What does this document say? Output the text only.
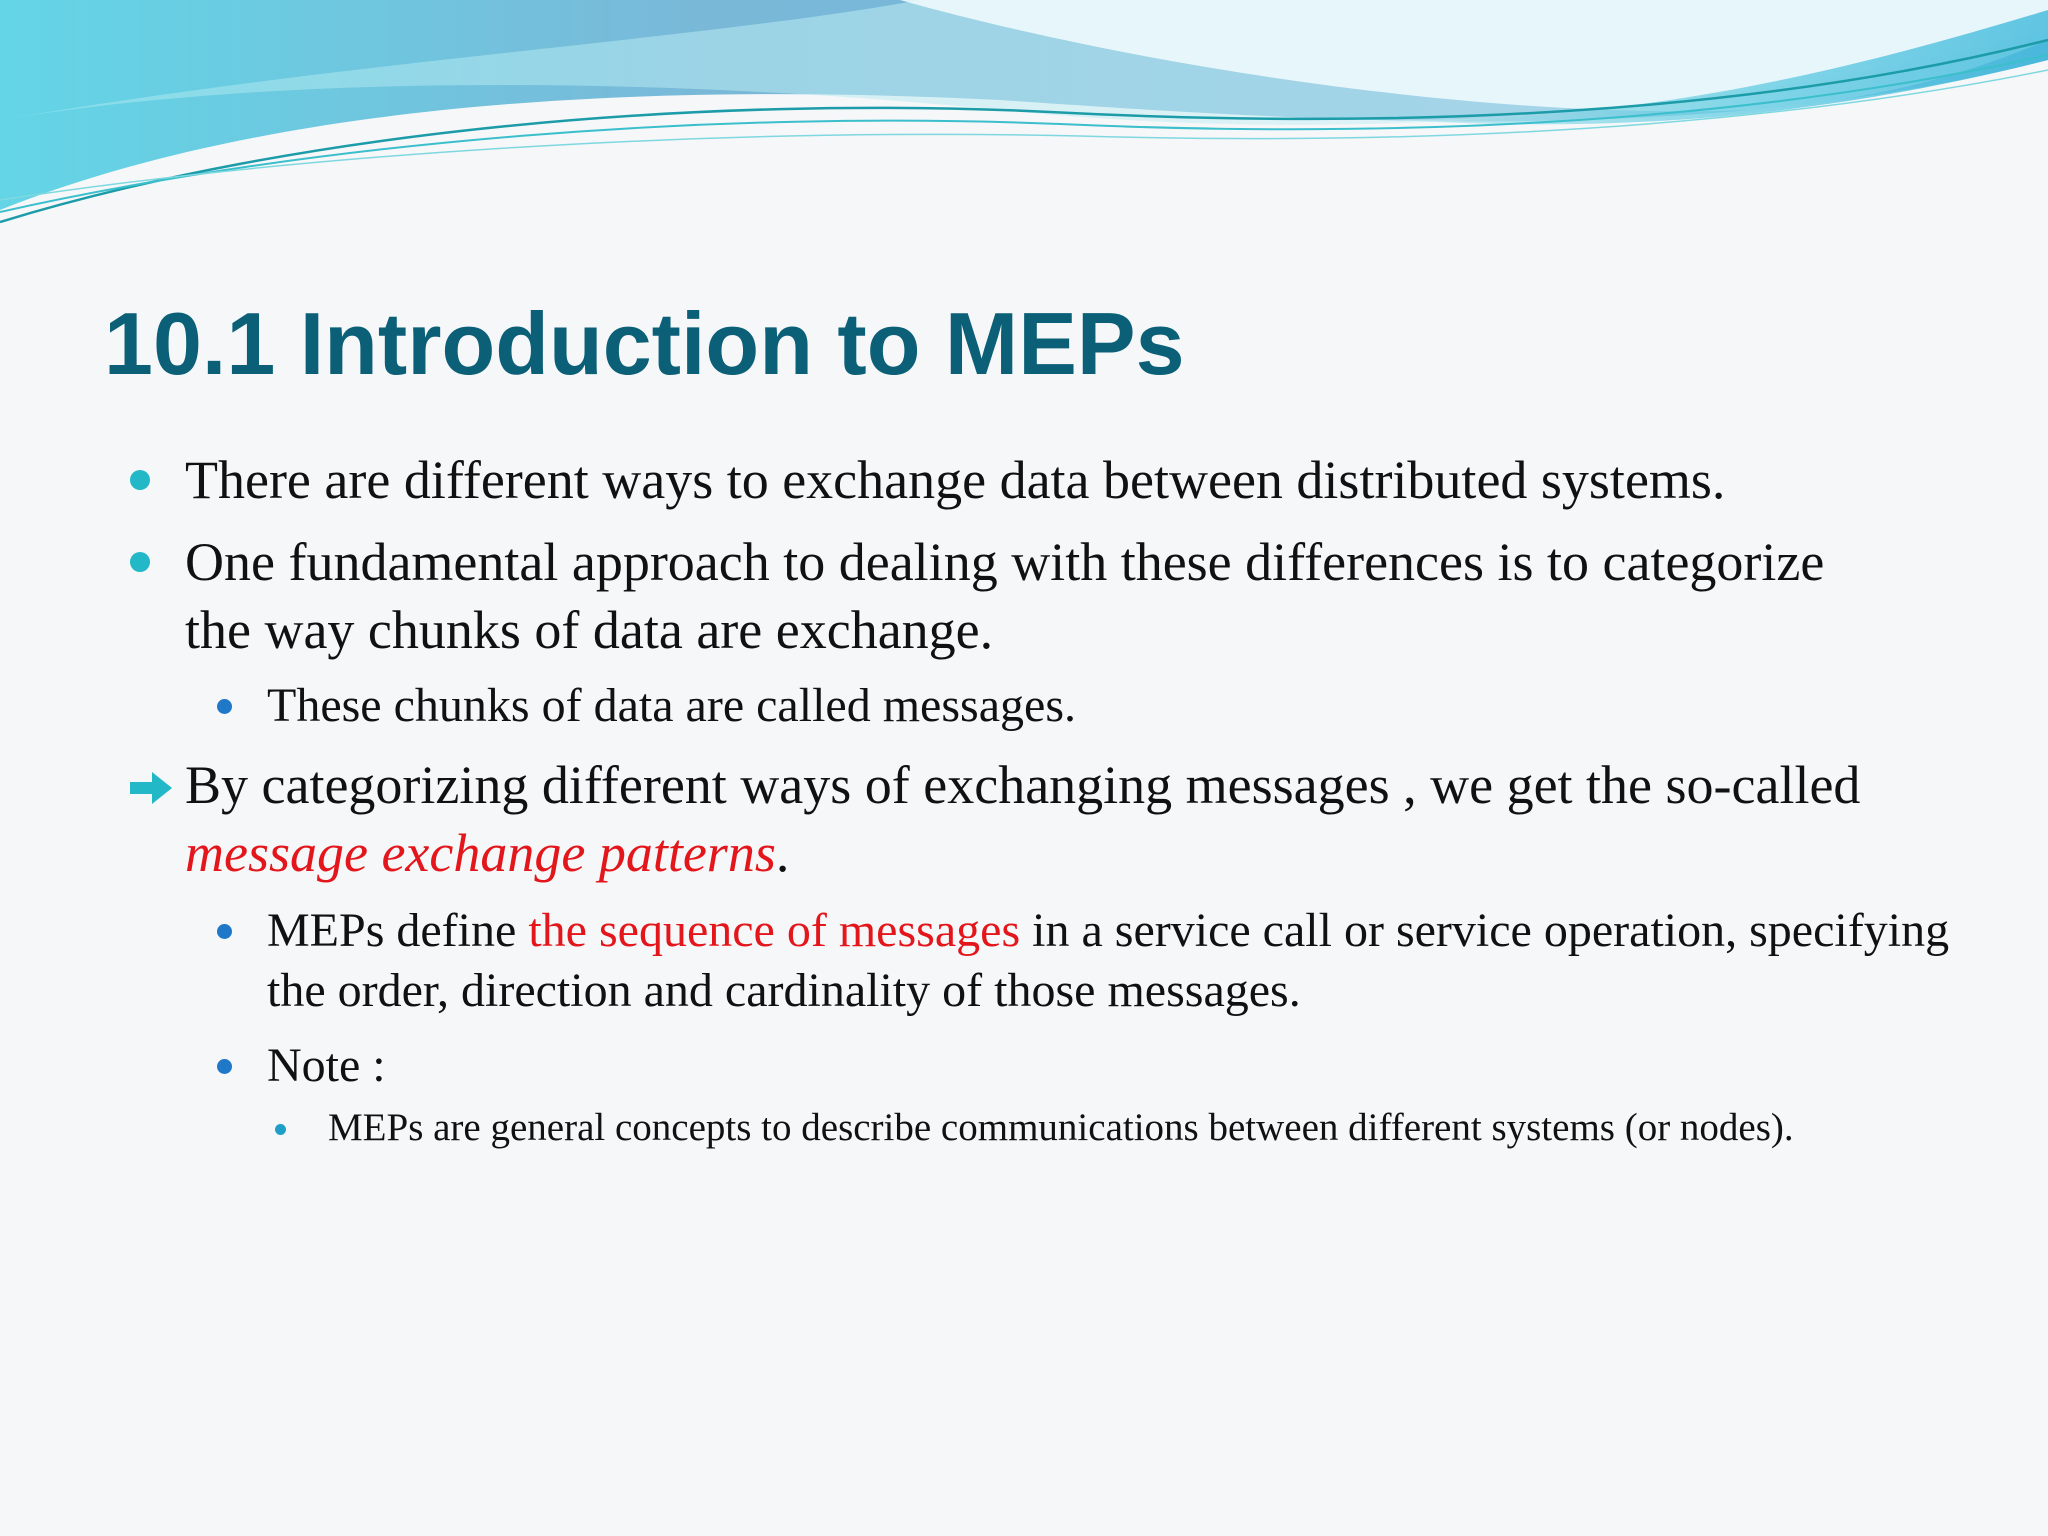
10.1 Introduction to MEPs

There are different ways to exchange data between distributed systems.

One fundamental approach to dealing with these differences is to categorize the way chunks of data are exchange.

These chunks of data are called messages.

By categorizing different ways of exchanging messages , we get the so-called message exchange patterns.

MEPs define the sequence of messages in a service call or service operation, specifying the order, direction and cardinality of those messages.

Note :

MEPs are general concepts to describe communications between different systems (or nodes).
